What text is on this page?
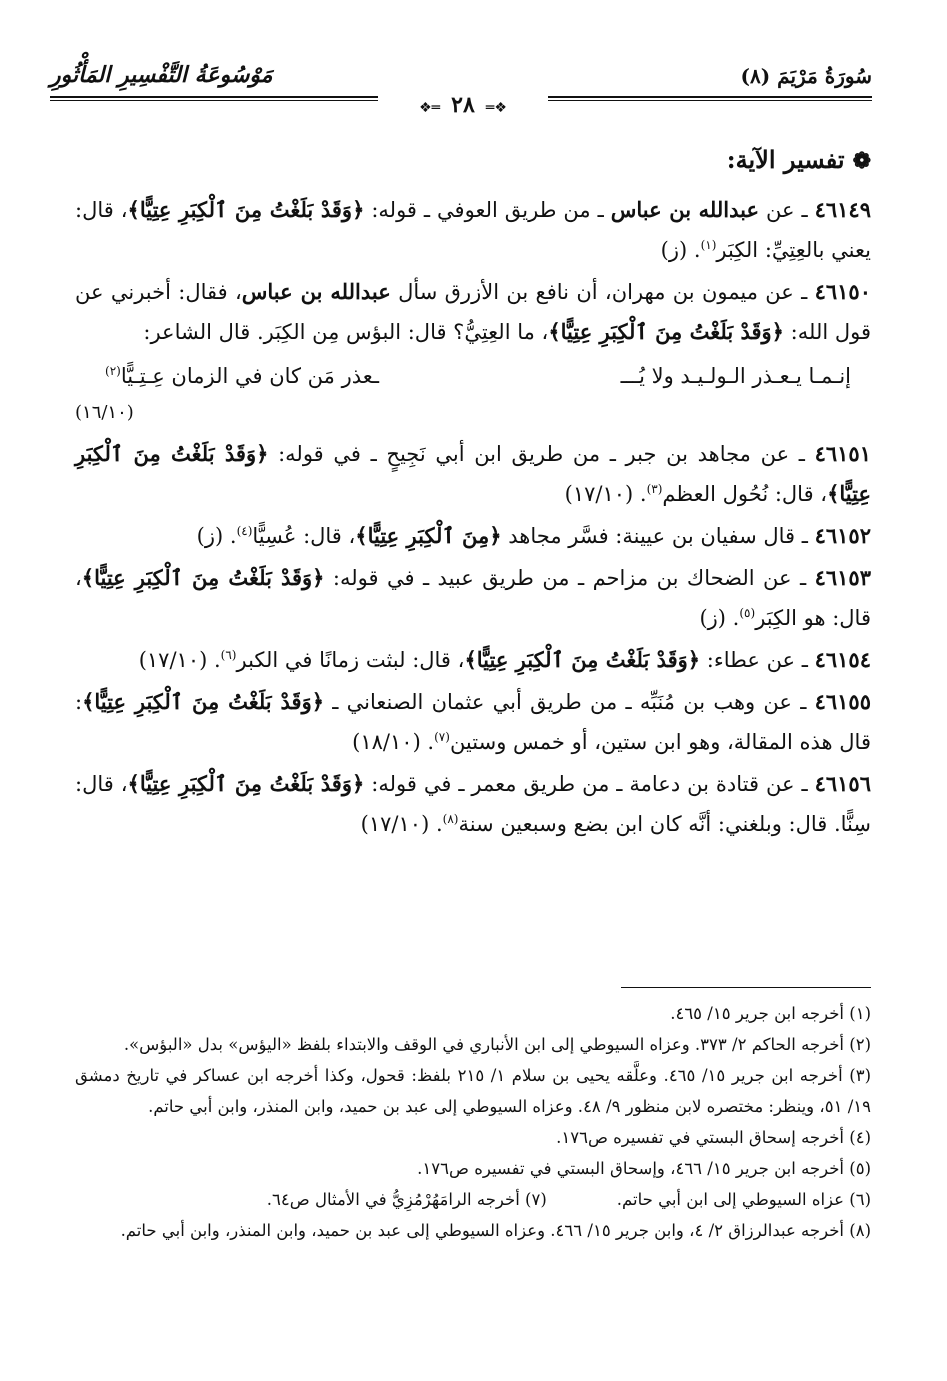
سُورَةُ مَرْيَمَ (٨)
مَوْسُوعَةُ التَّفْسِيرِ المَأْثُورِ
❖═ ٢٨ ═❖
❁تفسير الآية:

٤٦١٤٩ ـ عن عبدالله بن عباس ـ من طريق العوفي ـ قوله: ﴿وَقَدْ بَلَغْتُ مِنَ ٱلْكِبَرِ عِتِيًّا﴾، قال: يعني بالعِتِيِّ: الكِبَر$^{(١)}$. (ز)

٤٦١٥٠ ـ عن ميمون بن مهران، أن نافع بن الأزرق سأل عبدالله بن عباس، فقال: أخبرني عن قول الله: ﴿وَقَدْ بَلَغْتُ مِنَ ٱلْكِبَرِ عِتِيًّا﴾، ما العِتِيُّ؟ قال: البؤس مِن الكِبَر. قال الشاعر:

إنـمـا يـعـذر الـولـيـد ولا يُـــ
ـعذر مَن كان في الزمان عِـتِـيًّا$^{(٢)}$
(١٦/١٠)

٤٦١٥١ ـ عن مجاهد بن جبر ـ من طريق ابن أبي نَجِيحٍ ـ في قوله: ﴿وَقَدْ بَلَغْتُ مِنَ ٱلْكِبَرِ عِتِيًّا﴾، قال: نُحُول العظم$^{(٣)}$. (١٧/١٠)

٤٦١٥٢ ـ قال سفيان بن عيينة: فسَّر مجاهد ﴿مِنَ ٱلْكِبَرِ عِتِيًّا﴾، قال: عُسِيًّا$^{(٤)}$. (ز)

٤٦١٥٣ ـ عن الضحاك بن مزاحم ـ من طريق عبيد ـ في قوله: ﴿وَقَدْ بَلَغْتُ مِنَ ٱلْكِبَرِ عِتِيًّا﴾، قال: هو الكِبَر$^{(٥)}$. (ز)

٤٦١٥٤ ـ عن عطاء: ﴿وَقَدْ بَلَغْتُ مِنَ ٱلْكِبَرِ عِتِيًّا﴾، قال: لبثت زمانًا في الكبر$^{(٦)}$. (١٧/١٠)

٤٦١٥٥ ـ عن وهب بن مُنَبِّه ـ من طريق أبي عثمان الصنعاني ـ ﴿وَقَدْ بَلَغْتُ مِنَ ٱلْكِبَرِ عِتِيًّا﴾: قال هذه المقالة، وهو ابن ستين، أو خمس وستين$^{(٧)}$. (١٨/١٠)

٤٦١٥٦ ـ عن قتادة بن دعامة ـ من طريق معمر ـ في قوله: ﴿وَقَدْ بَلَغْتُ مِنَ ٱلْكِبَرِ عِتِيًّا﴾، قال: سِنًّا. قال: وبلغني: أنَّه كان ابن بضع وسبعين سنة$^{(٨)}$. (١٧/١٠)

(١) أخرجه ابن جرير ١٥/ ٤٦٥.

(٢) أخرجه الحاكم ٢/ ٣٧٣. وعزاه السيوطي إلى ابن الأنباري في الوقف والابتداء بلفظ «اليؤس» بدل «البؤس».

(٣) أخرجه ابن جرير ١٥/ ٤٦٥. وعلَّقه يحيى بن سلام ١/ ٢١٥ بلفظ: قحول، وكذا أخرجه ابن عساكر في تاريخ دمشق ١٩/ ٥١، وينظر: مختصره لابن منظور ٩/ ٤٨. وعزاه السيوطي إلى عبد بن حميد، وابن المنذر، وابن أبي حاتم.

(٤) أخرجه إسحاق البستي في تفسيره ص١٧٦.

(٥) أخرجه ابن جرير ١٥/ ٤٦٦، وإسحاق البستي في تفسيره ص١٧٦.

(٦) عزاه السيوطي إلى ابن أبي حاتم.
(٧) أخرجه الرامَهُرْمُزِيُّ في الأمثال ص٦٤.

(٨) أخرجه عبدالرزاق ٢/ ٤، وابن جرير ١٥/ ٤٦٦. وعزاه السيوطي إلى عبد بن حميد، وابن المنذر، وابن أبي حاتم.
